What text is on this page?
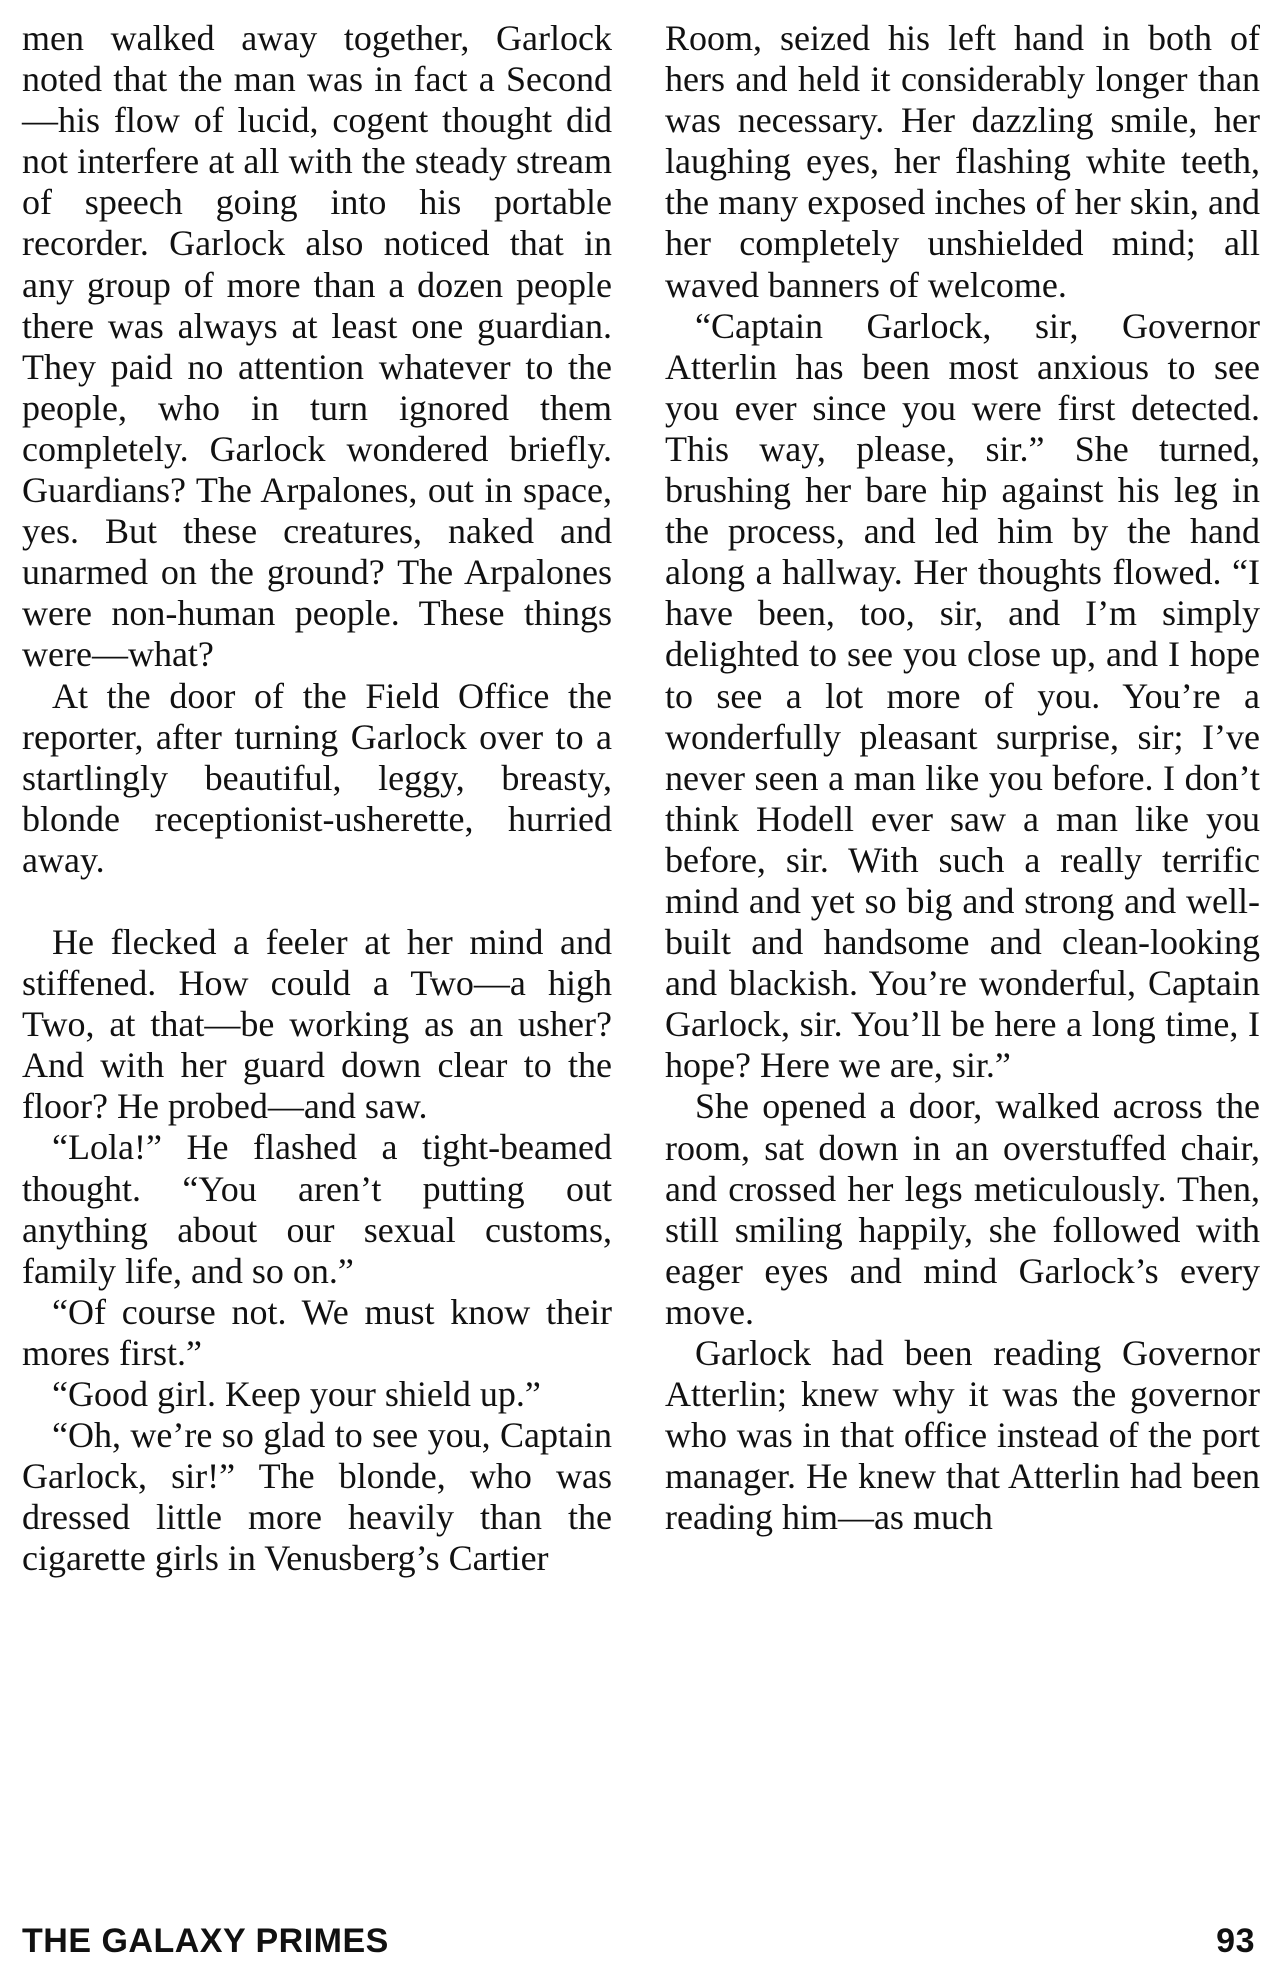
men walked away together, Garlock noted that the man was in fact a Second—his flow of lucid, cogent thought did not interfere at all with the steady stream of speech going into his portable recorder. Garlock also noticed that in any group of more than a dozen people there was always at least one guardian. They paid no attention whatever to the people, who in turn ignored them completely. Garlock wondered briefly. Guardians? The Arpalones, out in space, yes. But these creatures, naked and unarmed on the ground? The Arpalones were non-human people. These things were—what?

At the door of the Field Office the reporter, after turning Garlock over to a startlingly beautiful, leggy, breasty, blonde receptionist-usherette, hurried away.

He flecked a feeler at her mind and stiffened. How could a Two—a high Two, at that—be working as an usher? And with her guard down clear to the floor? He probed—and saw.

“Lola!” He flashed a tight-beamed thought. “You aren’t putting out anything about our sexual customs, family life, and so on.”

“Of course not. We must know their mores first.”

“Good girl. Keep your shield up.”

“Oh, we’re so glad to see you, Captain Garlock, sir!” The blonde, who was dressed little more heavily than the cigarette girls in Venusberg’s Cartier

Room, seized his left hand in both of hers and held it considerably longer than was necessary. Her dazzling smile, her laughing eyes, her flashing white teeth, the many exposed inches of her skin, and her completely unshielded mind; all waved banners of welcome.

“Captain Garlock, sir, Governor Atterlin has been most anxious to see you ever since you were first detected. This way, please, sir.” She turned, brushing her bare hip against his leg in the process, and led him by the hand along a hallway. Her thoughts flowed. “I have been, too, sir, and I’m simply delighted to see you close up, and I hope to see a lot more of you. You’re a wonderfully pleasant surprise, sir; I’ve never seen a man like you before. I don’t think Hodell ever saw a man like you before, sir. With such a really terrific mind and yet so big and strong and well-built and handsome and clean-looking and blackish. You’re wonderful, Captain Garlock, sir. You’ll be here a long time, I hope? Here we are, sir.”

She opened a door, walked across the room, sat down in an overstuffed chair, and crossed her legs meticulously. Then, still smiling happily, she followed with eager eyes and mind Garlock’s every move.

Garlock had been reading Governor Atterlin; knew why it was the governor who was in that office instead of the port manager. He knew that Atterlin had been reading him—as much

THE GALAXY PRIMES	93
